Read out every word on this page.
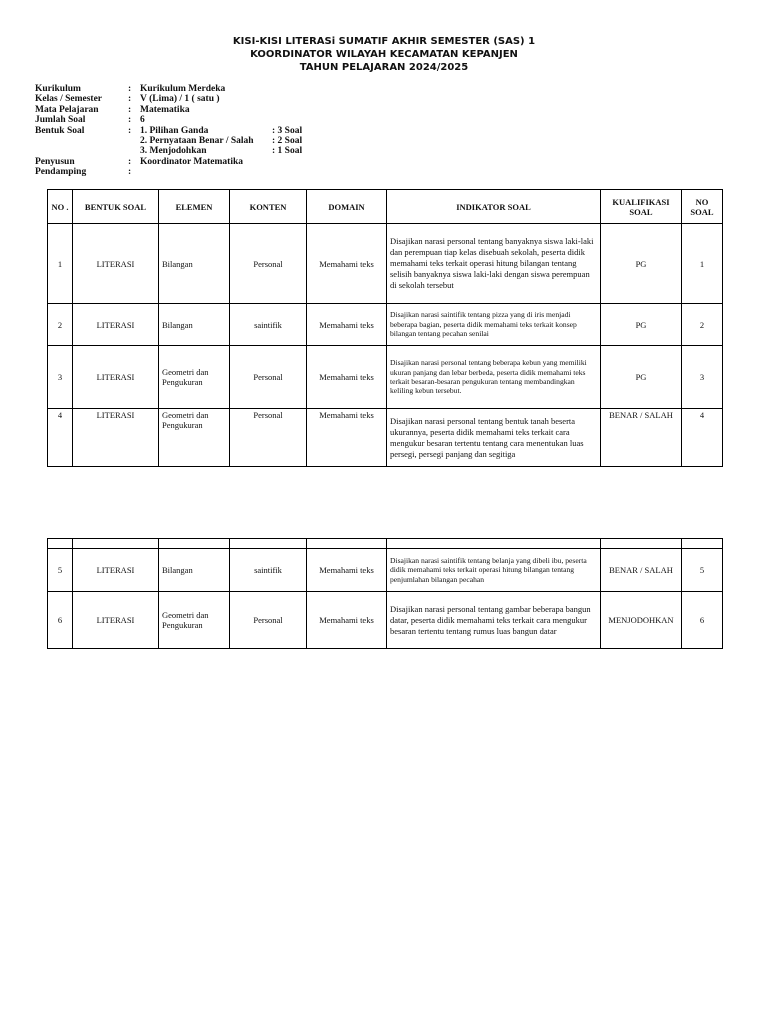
KISI-KISI LITERASi SUMATIF AKHIR SEMESTER (SAS) 1
KOORDINATOR WILAYAH KECAMATAN KEPANJEN
TAHUN PELAJARAN 2024/2025
Kurikulum	: Kurikulum Merdeka
Kelas / Semester	: V (Lima) / 1 ( satu )
Mata Pelajaran	: Matematika
Jumlah Soal	: 6
Bentuk Soal	: 1. Pilihan Ganda	: 3 Soal
2. Pernyataan Benar / Salah	: 2 Soal
3. Menjodohkan	: 1 Soal
Penyusun	: Koordinator Matematika
Pendamping	:
NO .	BENTUK SOAL	ELEMEN	KONTEN	DOMAIN	INDIKATOR SOAL	KUALIFIKASI SOAL	NO SOAL
1	LITERASI	Bilangan	Personal	Memahami teks	Disajikan narasi personal tentang banyaknya siswa laki-laki dan perempuan tiap kelas disebuah sekolah, peserta didik memahami teks terkait operasi hitung bilangan tentang selisih banyaknya siswa laki-laki dengan siswa perempuan di sekolah tersebut	PG	1
2	LITERASI	Bilangan	saintifik	Memahami teks	Disajikan narasi saintifik tentang pizza yang di iris menjadi beberapa bagian, peserta didik memahami teks terkait konsep bilangan tentang pecahan senilai	PG	2
3	LITERASI	Geometri dan Pengukuran	Personal	Memahami teks	Disajikan narasi personal tentang beberapa kebun yang memiliki ukuran panjang dan lebar berbeda, peserta didik memahami teks terkait besaran-besaran pengukuran tentang membandingkan keliling kebun tersebut.	PG	3
4	LITERASI	Geometri dan Pengukuran	Personal	Memahami teks	Disajikan narasi personal tentang bentuk tanah beserta ukurannya, peserta didik memahami teks terkait cara mengukur besaran tertentu tentang cara menentukan luas persegi, persegi panjang dan segitiga	BENAR / SALAH	4

5	LITERASI	Bilangan	saintifik	Memahami teks	Disajikan narasi saintifik tentang belanja yang dibeli ibu, peserta didik memahami teks terkait operasi hitung bilangan tentang penjumlahan bilangan pecahan	BENAR / SALAH	5
6	LITERASI	Geometri dan Pengukuran	Personal	Memahami teks	Disajikan narasi personal tentang gambar beberapa bangun datar, peserta didik memahami teks terkait cara mengukur besaran tertentu tentang rumus luas bangun datar	MENJODOHKAN	6
